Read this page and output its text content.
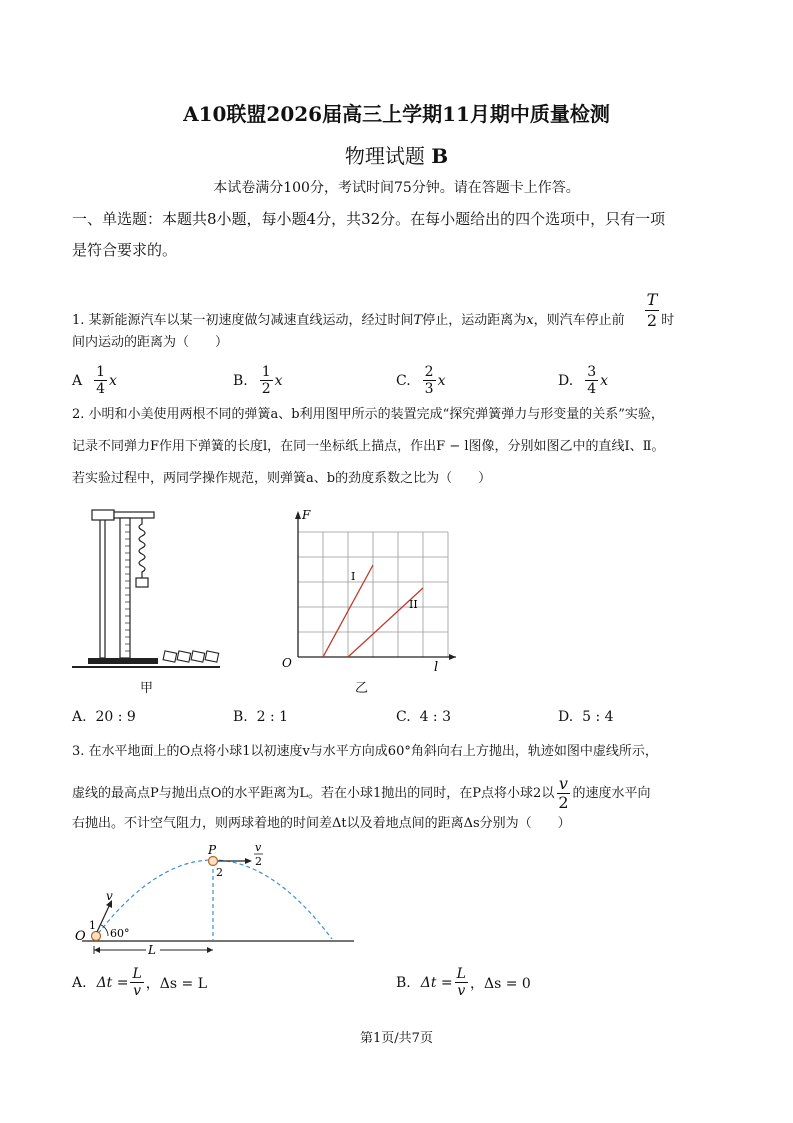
A10联盟2026届高三上学期11月期中质量检测
物理试题 B
本试卷满分100分，考试时间75分钟。请在答题卡上作答。
一、单选题：本题共8小题，每小题4分，共32分。在每小题给出的四个选项中，只有一项
是符合要求的。
1. 某新能源汽车以某一初速度做匀减速直线运动，经过时间 T 停止，运动距离为 x ，则汽车停止前 $\frac{T}{2}$ 时
间内运动的距离为（　　）
A $\frac{1}{4}$ x	B. $\frac{1}{2}$ x	C. $\frac{2}{3}$ x	D. $\frac{3}{4}$ x
2. 小明和小美使用两根不同的弹簧a、b利用图甲所示的装置完成“探究弹簧弹力与形变量的关系”实验，
记录不同弹力F作用下弹簧的长度l，在同一坐标纸上描点，作出F − l图像，分别如图乙中的直线Ⅰ、Ⅱ。
若实验过程中，两同学操作规范，则弹簧a、b的劲度系数之比为（　　）
甲
F
l
O
I
II
乙
A. 20 : 9	B. 2 : 1	C. 4 : 3	D. 5 : 4
3. 在水平地面上的O点将小球1以初速度v与水平方向成60°角斜向右上方抛出，轨迹如图中虚线所示，
虚线的最高点P与抛出点O的水平距离为L。若在小球1抛出的同时，在P点将小球2以 $\frac{v}{2}$ 的速度水平向
右抛出。不计空气阻力，则两球着地的时间差Δt以及着地点间的距离Δs分别为（　　）
P
2
v
2
v
O
1
60°
L
A. $\Delta t = \frac{L}{v}$ ，Δs = L	B. $\Delta t = \frac{L}{v}$ ，Δs = 0
第1页/共7页
